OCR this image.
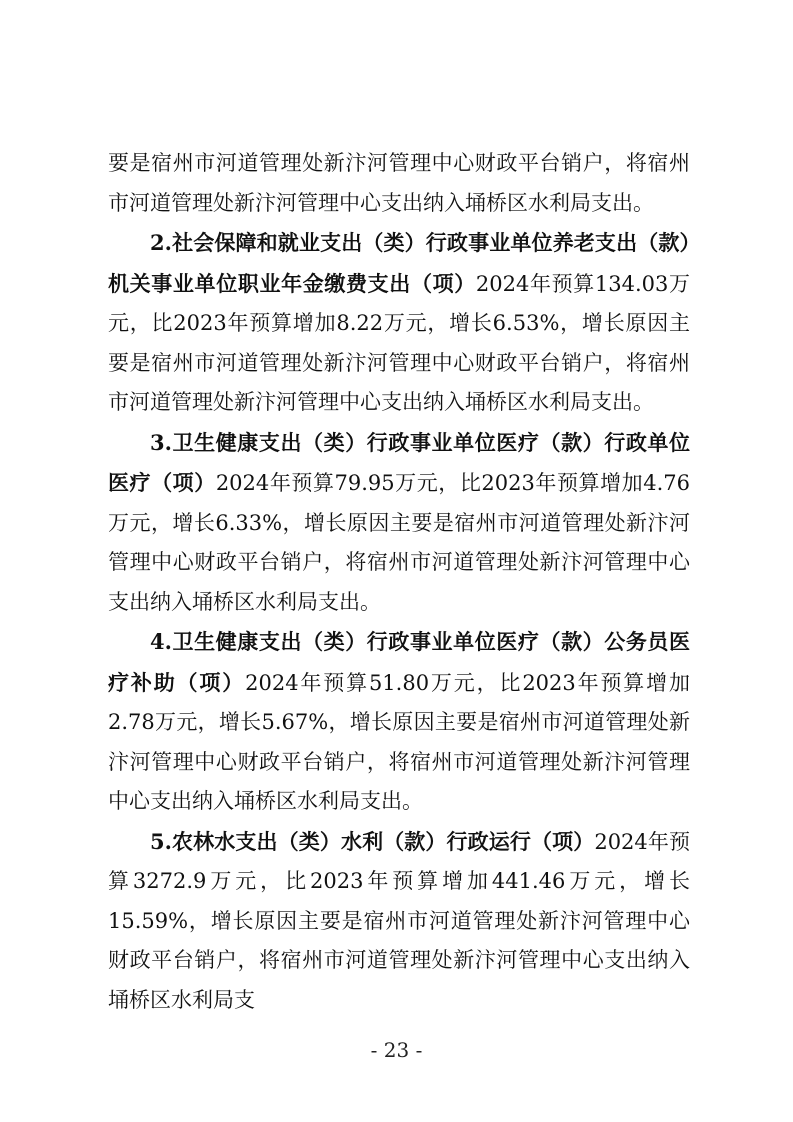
要是宿州市河道管理处新汴河管理中心财政平台销户，将宿州市河道管理处新汴河管理中心支出纳入埇桥区水利局支出。

2.社会保障和就业支出（类）行政事业单位养老支出（款）机关事业单位职业年金缴费支出（项）2024年预算134.03万元，比2023年预算增加8.22万元，增长6.53%，增长原因主要是宿州市河道管理处新汴河管理中心财政平台销户，将宿州市河道管理处新汴河管理中心支出纳入埇桥区水利局支出。

3.卫生健康支出（类）行政事业单位医疗（款）行政单位医疗（项）2024年预算79.95万元，比2023年预算增加4.76万元，增长6.33%，增长原因主要是宿州市河道管理处新汴河管理中心财政平台销户，将宿州市河道管理处新汴河管理中心支出纳入埇桥区水利局支出。

4.卫生健康支出（类）行政事业单位医疗（款）公务员医疗补助（项）2024年预算51.80万元，比2023年预算增加2.78万元，增长5.67%，增长原因主要是宿州市河道管理处新汴河管理中心财政平台销户，将宿州市河道管理处新汴河管理中心支出纳入埇桥区水利局支出。

5.农林水支出（类）水利（款）行政运行（项）2024年预算3272.9万元，比2023年预算增加441.46万元，增长15.59%，增长原因主要是宿州市河道管理处新汴河管理中心财政平台销户，将宿州市河道管理处新汴河管理中心支出纳入埇桥区水利局支

- 23 -
